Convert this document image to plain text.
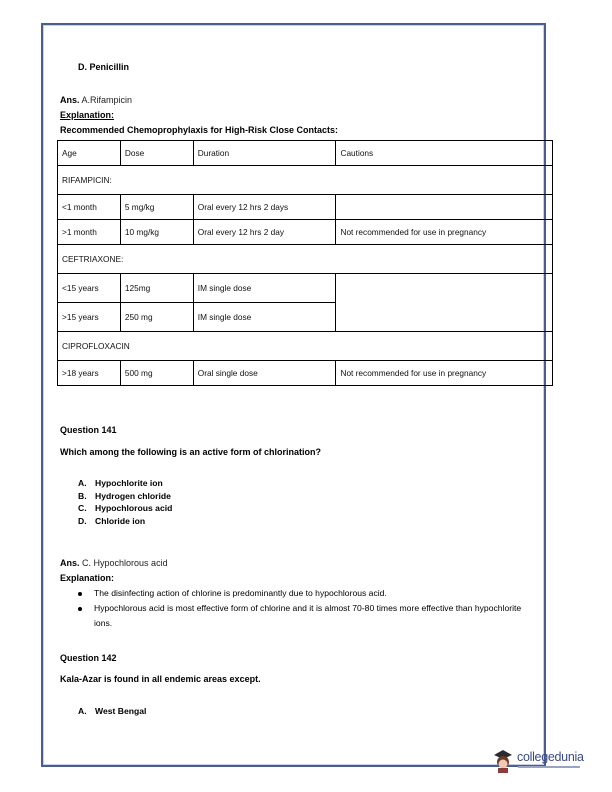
D. Penicillin
Ans. A.Rifampicin
Explanation:
Recommended Chemoprophylaxis for High-Risk Close Contacts:
Age	Dose	Duration	Cautions
RIFAMPICIN:			
<1 month	5 mg/kg	Oral every 12 hrs 2 days	
>1 month	10 mg/kg	Oral every 12 hrs 2 day	Not recommended for use in pregnancy
CEFTRIAXONE:			
<15 years	125mg	IM single dose	
>15 years	250 mg	IM single dose	
CIPROFLOXACIN			
>18 years	500 mg	Oral single dose	Not recommended for use in pregnancy
Question 141
Which among the following is an active form of chlorination?
A. Hypochlorite ion
B. Hydrogen chloride
C. Hypochlorous acid
D. Chloride ion
Ans. C. Hypochlorous acid
Explanation:
The disinfecting action of chlorine is predominantly due to hypochlorous acid.
Hypochlorous acid is most effective form of chlorine and it is almost 70-80 times more effective than hypochlorite ions.
Question 142
Kala-Azar is found in all endemic areas except.
A. West Bengal
collegedunia
